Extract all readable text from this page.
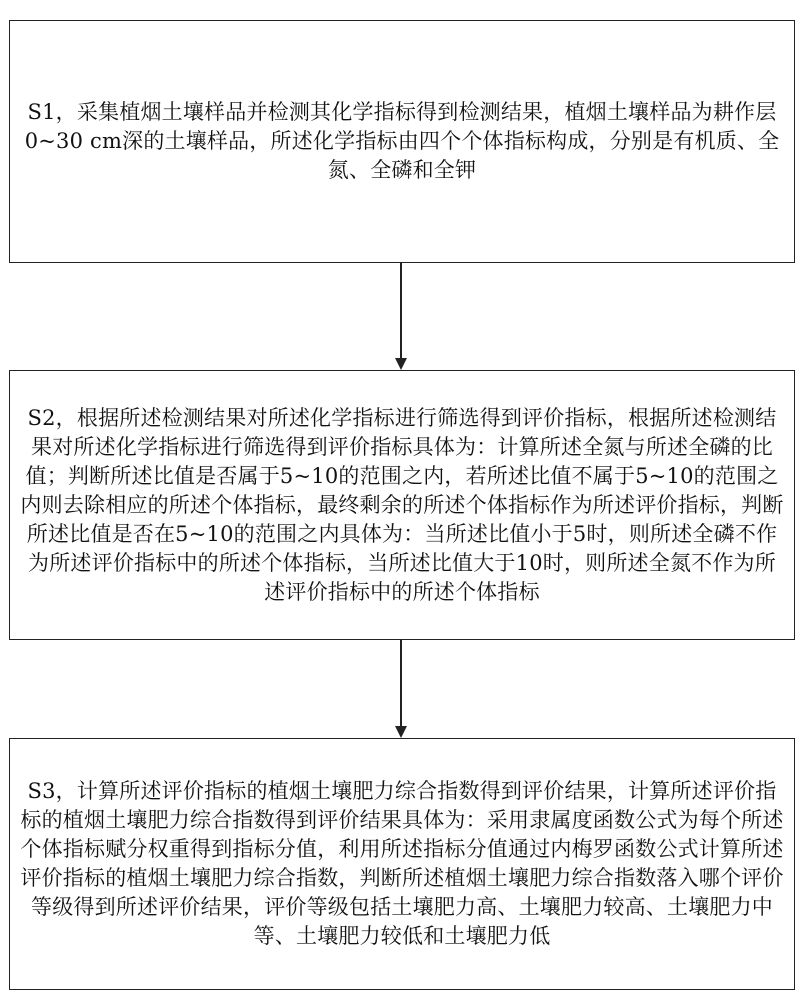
S1，采集植烟土壤样品并检测其化学指标得到检测结果，植烟土壤样品为耕作层0~30 cm深的土壤样品，所述化学指标由四个个体指标构成，分别是有机质、全氮、全磷和全钾
S2，根据所述检测结果对所述化学指标进行筛选得到评价指标，根据所述检测结果对所述化学指标进行筛选得到评价指标具体为：计算所述全氮与所述全磷的比值；判断所述比值是否属于5~10的范围之内，若所述比值不属于5~10的范围之内则去除相应的所述个体指标，最终剩余的所述个体指标作为所述评价指标，判断所述比值是否在5~10的范围之内具体为：当所述比值小于5时，则所述全磷不作为所述评价指标中的所述个体指标，当所述比值大于10时，则所述全氮不作为所述评价指标中的所述个体指标
S3，计算所述评价指标的植烟土壤肥力综合指数得到评价结果，计算所述评价指标的植烟土壤肥力综合指数得到评价结果具体为：采用隶属度函数公式为每个所述个体指标赋分权重得到指标分值，利用所述指标分值通过内梅罗函数公式计算所述评价指标的植烟土壤肥力综合指数，判断所述植烟土壤肥力综合指数落入哪个评价等级得到所述评价结果，评价等级包括土壤肥力高、土壤肥力较高、土壤肥力中等、土壤肥力较低和土壤肥力低
